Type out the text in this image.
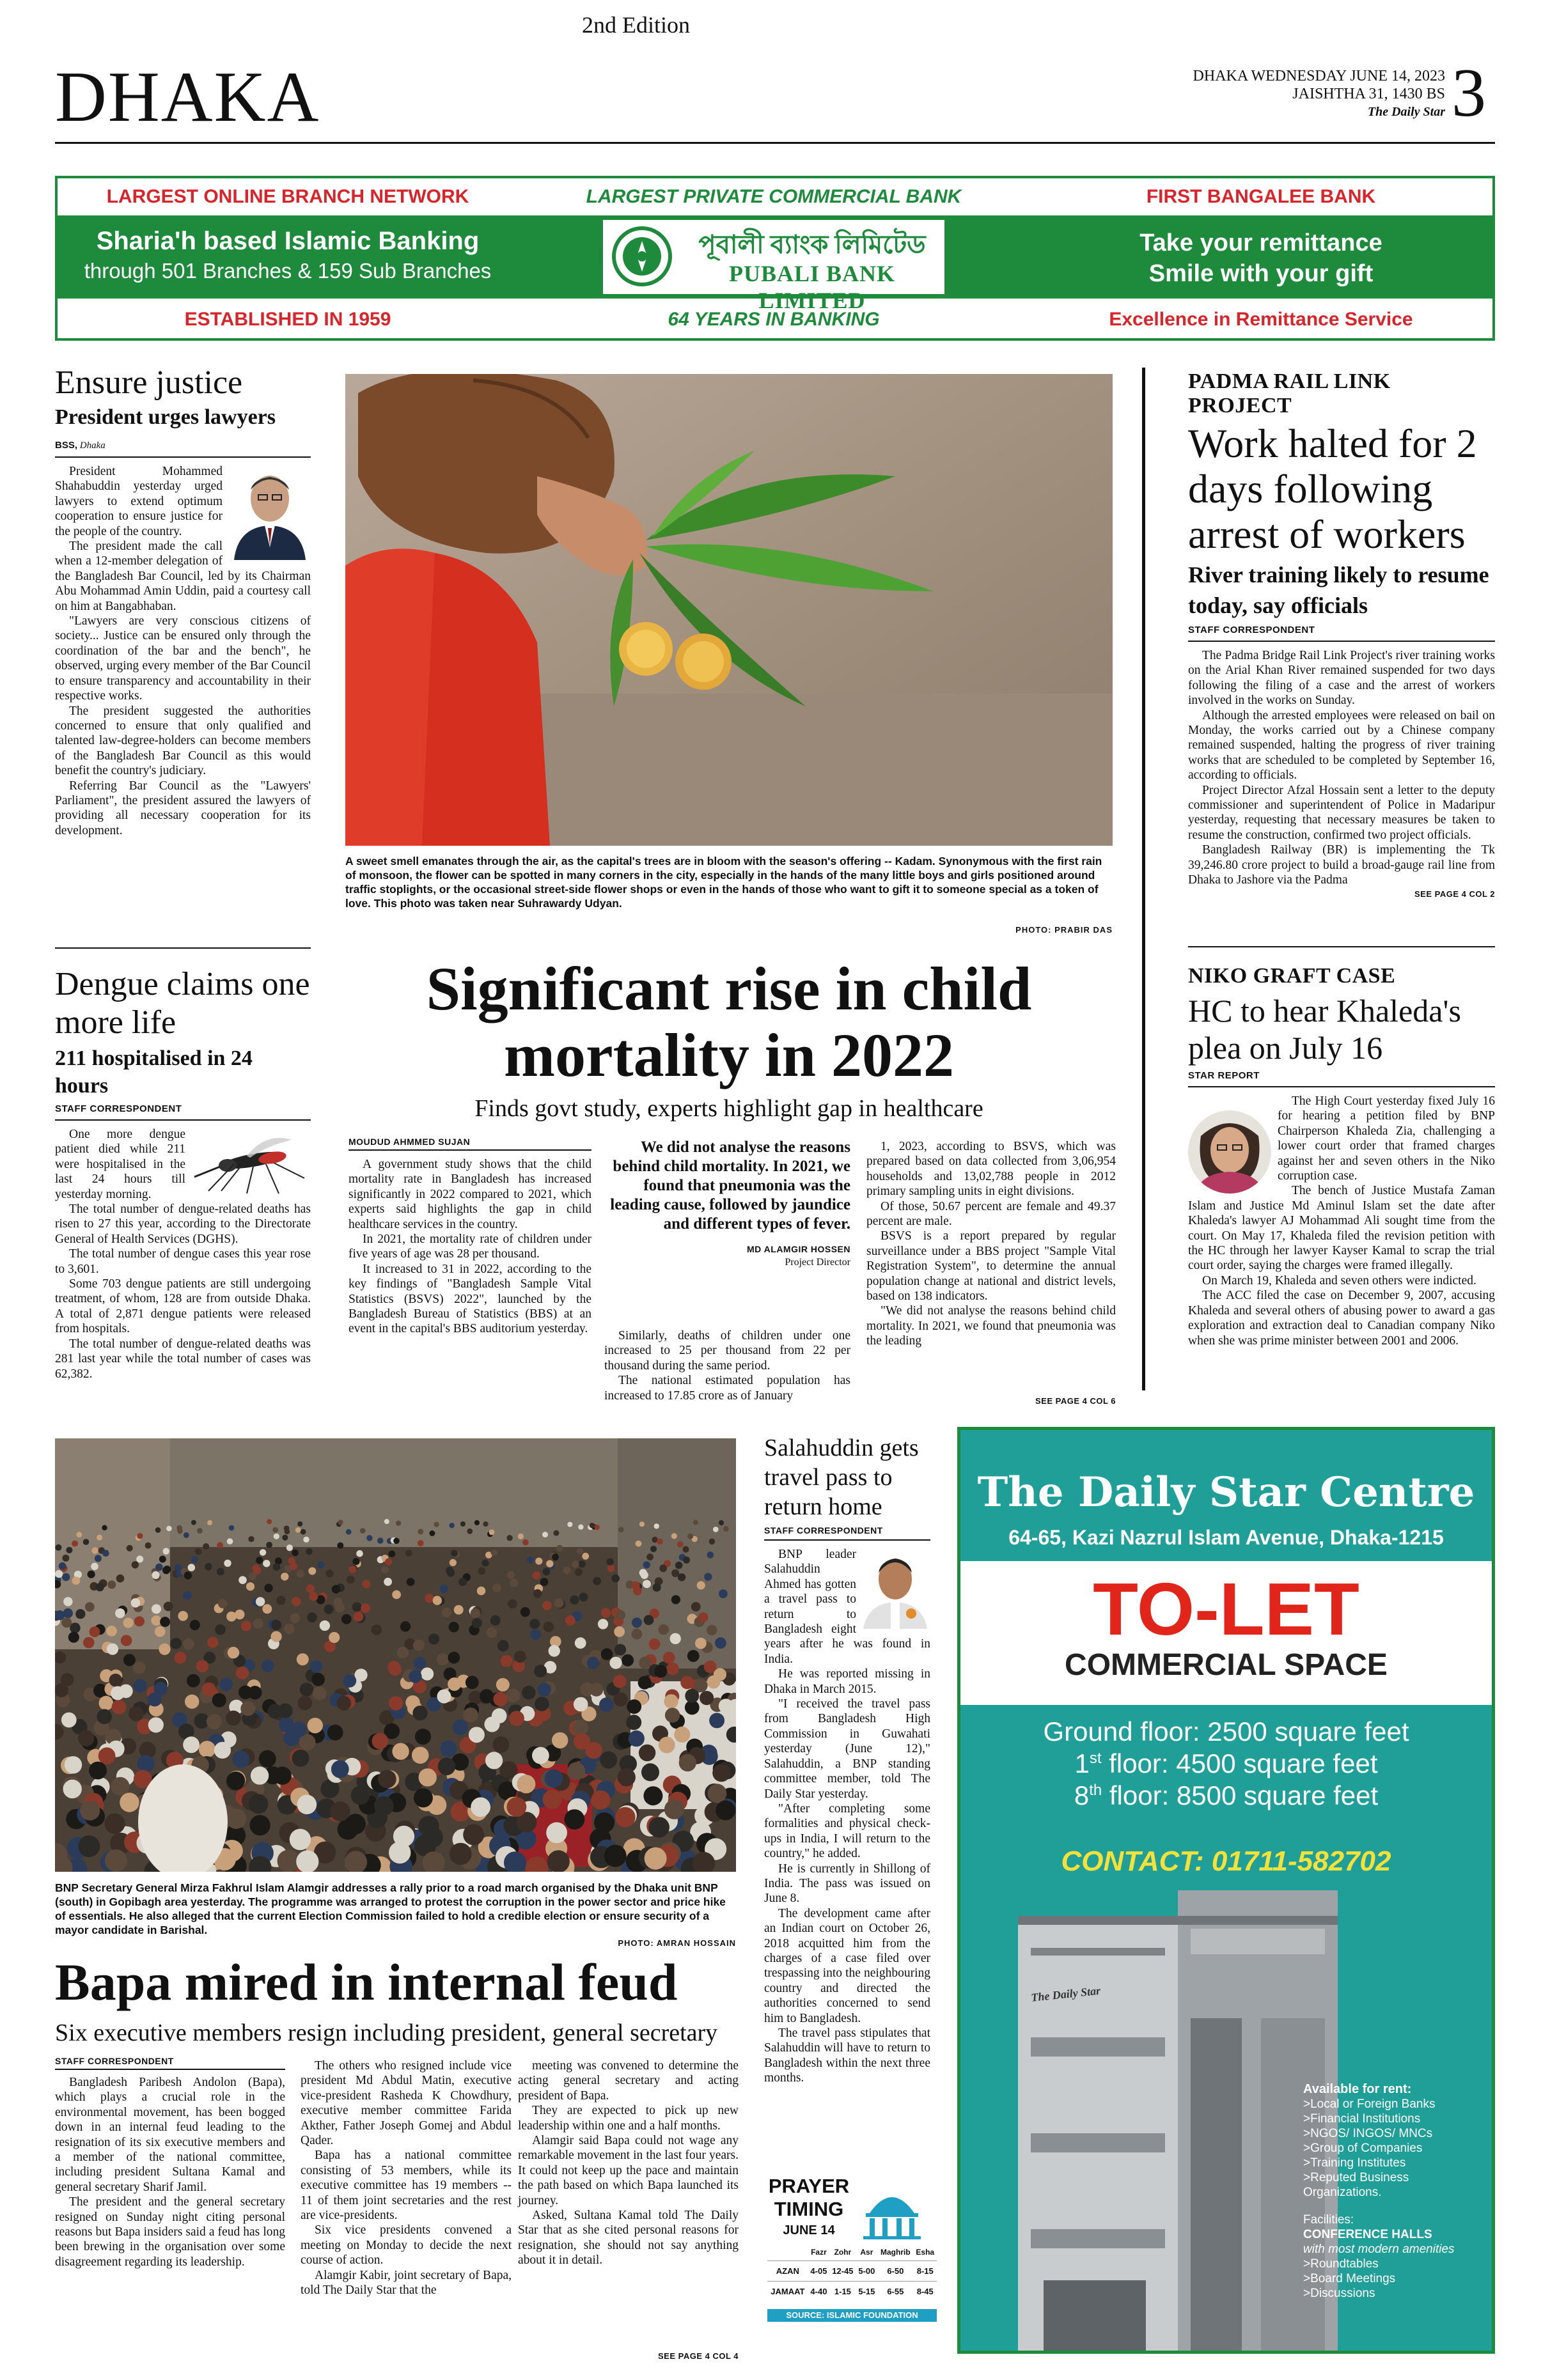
2nd Edition
DHAKA	DHAKA WEDNESDAY JUNE 14, 2023
JAISHTHA 31, 1430 BS
The Daily Star 3
LARGEST ONLINE BRANCH NETWORK
Sharia'h based Islamic Banking
through 501 Branches & 159 Sub Branches
ESTABLISHED IN 1959
LARGEST PRIVATE COMMERCIAL BANK
পূবালী ব্যাংক লিমিটেড
PUBALI BANK LIMITED
64 YEARS IN BANKING
FIRST BANGALEE BANK
Take your remittance
Smile with your gift
Excellence in Remittance Service
Ensure justice
President urges lawyers
BSS, Dhaka

President Mohammed Shahabuddin yesterday urged lawyers to extend optimum cooperation to ensure justice for the people of the country.

The president made the call when a 12-member delegation of the Bangladesh Bar Council, led by its Chairman Abu Mohammad Amin Uddin, paid a courtesy call on him at Bangabhaban.

"Lawyers are very conscious citizens of society... Justice can be ensured only through the coordination of the bar and the bench", he observed, urging every member of the Bar Council to ensure transparency and accountability in their respective works.

The president suggested the authorities concerned to ensure that only qualified and talented law-degree-holders can become members of the Bangladesh Bar Council as this would benefit the country's judiciary.

Referring Bar Council as the "Lawyers' Parliament", the president assured the lawyers of providing all necessary cooperation for its development.

A sweet smell emanates through the air, as the capital's trees are in bloom with the season's offering -- Kadam. Synonymous with the first rain of monsoon, the flower can be spotted in many corners in the city, especially in the hands of the many little boys and girls positioned around traffic stoplights, or the occasional street-side flower shops or even in the hands of those who want to gift it to someone special as a token of love. This photo was taken near Suhrawardy Udyan.
PHOTO: PRABIR DAS
PADMA RAIL LINK PROJECT
Work halted for 2 days following arrest of workers
River training likely to resume today, say officials
STAFF CORRESPONDENT

The Padma Bridge Rail Link Project's river training works on the Arial Khan River remained suspended for two days following the filing of a case and the arrest of workers involved in the works on Sunday.

Although the arrested employees were released on bail on Monday, the works carried out by a Chinese company remained suspended, halting the progress of river training works that are scheduled to be completed by September 16, according to officials.

Project Director Afzal Hossain sent a letter to the deputy commissioner and superintendent of Police in Madaripur yesterday, requesting that necessary measures be taken to resume the construction, confirmed two project officials.

Bangladesh Railway (BR) is implementing the Tk 39,246.80 crore project to build a broad-gauge rail line from Dhaka to Jashore via the Padma

SEE PAGE 4 COL 2
Dengue claims one more life
211 hospitalised in 24 hours
STAFF CORRESPONDENT

One more dengue patient died while 211 were hospitalised in the last 24 hours till yesterday morning.

The total number of dengue-related deaths has risen to 27 this year, according to the Directorate General of Health Services (DGHS).

The total number of dengue cases this year rose to 3,601.

Some 703 dengue patients are still undergoing treatment, of whom, 128 are from outside Dhaka. A total of 2,871 dengue patients were released from hospitals.

The total number of dengue-related deaths was 281 last year while the total number of cases was 62,382.

Significant rise in child mortality in 2022
Finds govt study, experts highlight gap in healthcare
MOUDUD AHMMED SUJAN

A government study shows that the child mortality rate in Bangladesh has increased significantly in 2022 compared to 2021, which experts said highlights the gap in child healthcare services in the country.

In 2021, the mortality rate of children under five years of age was 28 per thousand.

It increased to 31 in 2022, according to the key findings of "Bangladesh Sample Vital Statistics (BSVS) 2022", launched by the Bangladesh Bureau of Statistics (BBS) at an event in the capital's BBS auditorium yesterday.

We did not analyse the reasons behind child mortality. In 2021, we found that pneumonia was the leading cause, followed by jaundice and different types of fever.
MD ALAMGIR HOSSEN
Project Director

Similarly, deaths of children under one increased to 25 per thousand from 22 per thousand during the same period.

The national estimated population has increased to 17.85 crore as of January

1, 2023, according to BSVS, which was prepared based on data collected from 3,06,954 households and 13,02,788 people in 2012 primary sampling units in eight divisions.

Of those, 50.67 percent are female and 49.37 percent are male.

BSVS is a report prepared by regular surveillance under a BBS project "Sample Vital Registration System", to determine the annual population change at national and district levels, based on 138 indicators.

"We did not analyse the reasons behind child mortality. In 2021, we found that pneumonia was the leading

SEE PAGE 4 COL 6
NIKO GRAFT CASE
HC to hear Khaleda's plea on July 16
STAR REPORT

The High Court yesterday fixed July 16 for hearing a petition filed by BNP Chairperson Khaleda Zia, challenging a lower court order that framed charges against her and seven others in the Niko corruption case.

The bench of Justice Mustafa Zaman Islam and Justice Md Aminul Islam set the date after Khaleda's lawyer AJ Mohammad Ali sought time from the court. On May 17, Khaleda filed the revision petition with the HC through her lawyer Kayser Kamal to scrap the trial court order, saying the charges were framed illegally.

On March 19, Khaleda and seven others were indicted.

The ACC filed the case on December 9, 2007, accusing Khaleda and several others of abusing power to award a gas exploration and extraction deal to Canadian company Niko when she was prime minister between 2001 and 2006.

BNP Secretary General Mirza Fakhrul Islam Alamgir addresses a rally prior to a road march organised by the Dhaka unit BNP (south) in Gopibagh area yesterday. The programme was arranged to protest the corruption in the power sector and price hike of essentials. He also alleged that the current Election Commission failed to hold a credible election or ensure security of a mayor candidate in Barishal.
PHOTO: AMRAN HOSSAIN
Salahuddin gets travel pass to return home
STAFF CORRESPONDENT

BNP leader Salahuddin Ahmed has gotten a travel pass to return to Bangladesh eight years after he was found in India.

He was reported missing in Dhaka in March 2015.

"I received the travel pass from Bangladesh High Commission in Guwahati yesterday (June 12)," Salahuddin, a BNP standing committee member, told The Daily Star yesterday.

"After completing some formalities and physical check-ups in India, I will return to the country," he added.

He is currently in Shillong of India. The pass was issued on June 8.

The development came after an Indian court on October 26, 2018 acquitted him from the charges of a case filed over trespassing into the neighbouring country and directed the authorities concerned to send him to Bangladesh.

The travel pass stipulates that Salahuddin will have to return to Bangladesh within the next three months.

PRAYER
TIMING
JUNE 14
	Fazr	Zohr	Asr	Maghrib	Esha
AZAN	4-05	12-45	5-00	6-50	8-15
JAMAAT	4-40	1-15	5-15	6-55	8-45
SOURCE: ISLAMIC FOUNDATION
Bapa mired in internal feud
Six executive members resign including president, general secretary
STAFF CORRESPONDENT

Bangladesh Paribesh Andolon (Bapa), which plays a crucial role in the environmental movement, has been bogged down in an internal feud leading to the resignation of its six executive members and a member of the national committee, including president Sultana Kamal and general secretary Sharif Jamil.

The president and the general secretary resigned on Sunday night citing personal reasons but Bapa insiders said a feud has long been brewing in the organisation over some disagreement regarding its leadership.

The others who resigned include vice president Md Abdul Matin, executive vice-president Rasheda K Chowdhury, executive member committee Farida Akther, Father Joseph Gomej and Abdul Qader.

Bapa has a national committee consisting of 53 members, while its executive committee has 19 members -- 11 of them joint secretaries and the rest are vice-presidents.

Six vice presidents convened a meeting on Monday to decide the next course of action.

Alamgir Kabir, joint secretary of Bapa, told The Daily Star that the

meeting was convened to determine the acting general secretary and acting president of Bapa.

They are expected to pick up new leadership within one and a half months.

Alamgir said Bapa could not wage any remarkable movement in the last four years. It could not keep up the pace and maintain the path based on which Bapa launched its journey.

Asked, Sultana Kamal told The Daily Star that as she cited personal reasons for resignation, she should not say anything about it in detail.

SEE PAGE 4 COL 4
The Daily Star Centre
64-65, Kazi Nazrul Islam Avenue, Dhaka-1215
TO-LET
COMMERCIAL SPACE
Ground floor: 2500 square feet
1st floor: 4500 square feet
8th floor: 8500 square feet
CONTACT: 01711-582702
The Daily Star
Available for rent:
>Local or Foreign Banks
>Financial Institutions
>NGOS/ INGOS/ MNCs
>Group of Companies
>Training Institutes
>Reputed Business
Organizations.
Facilities:
CONFERENCE HALLS
with most modern amenities
>Roundtables
>Board Meetings
>Discussions
